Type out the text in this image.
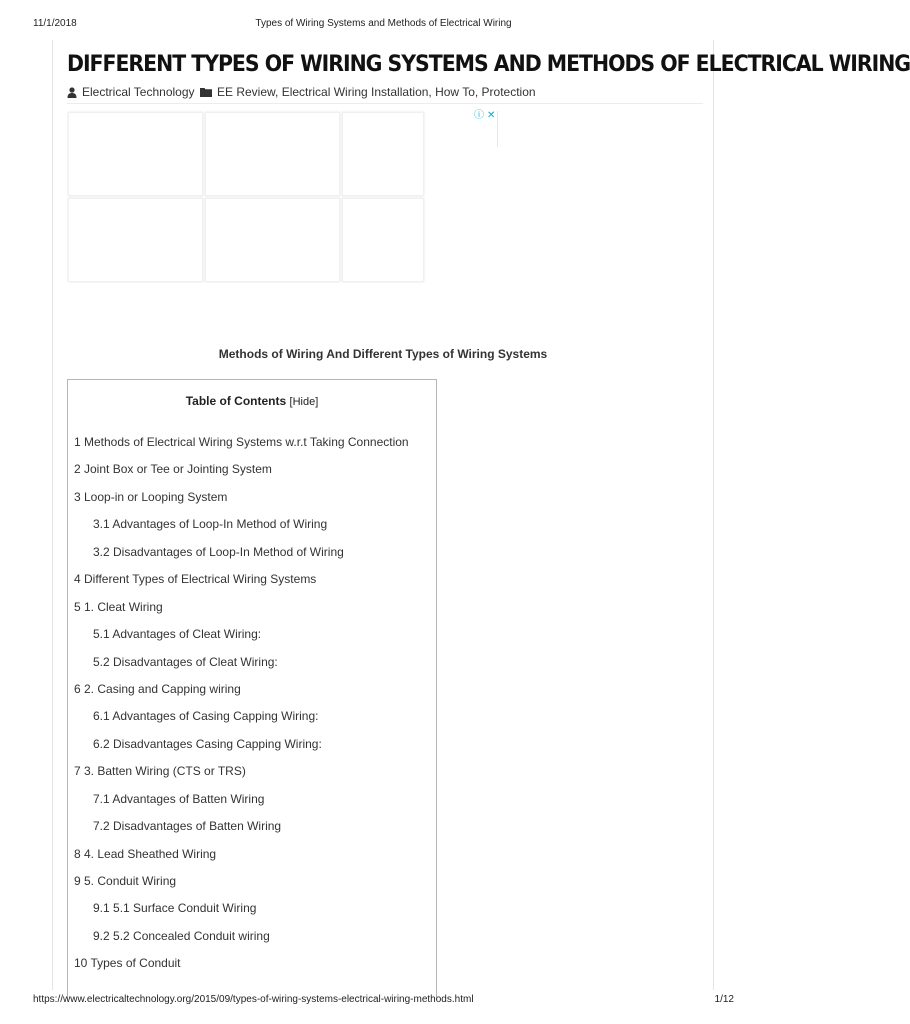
11/1/2018	Types of Wiring Systems and Methods of Electrical Wiring
DIFFERENT TYPES OF WIRING SYSTEMS AND METHODS OF ELECTRICAL WIRING
Electrical Technology EE Review, Electrical Wiring Installation, How To, Protection
ⓘ ✕
Methods of Wiring And Different Types of Wiring Systems
Table of Contents [Hide]
1 Methods of Electrical Wiring Systems w.r.t Taking Connection
2 Joint Box or Tee or Jointing System
3 Loop-in or Looping System
3.1 Advantages of Loop-In Method of Wiring
3.2 Disadvantages of Loop-In Method of Wiring
4 Different Types of Electrical Wiring Systems
5 1. Cleat Wiring
5.1 Advantages of Cleat Wiring:
5.2 Disadvantages of Cleat Wiring:
6 2. Casing and Capping wiring
6.1 Advantages of Casing Capping Wiring:
6.2 Disadvantages Casing Capping Wiring:
7 3. Batten Wiring (CTS or TRS)
7.1 Advantages of Batten Wiring
7.2 Disadvantages of Batten Wiring
8 4. Lead Sheathed Wiring
9 5. Conduit Wiring
9.1 5.1 Surface Conduit Wiring
9.2 5.2 Concealed Conduit wiring
10 Types of Conduit
https://www.electricaltechnology.org/2015/09/types-of-wiring-systems-electrical-wiring-methods.html	1/12
